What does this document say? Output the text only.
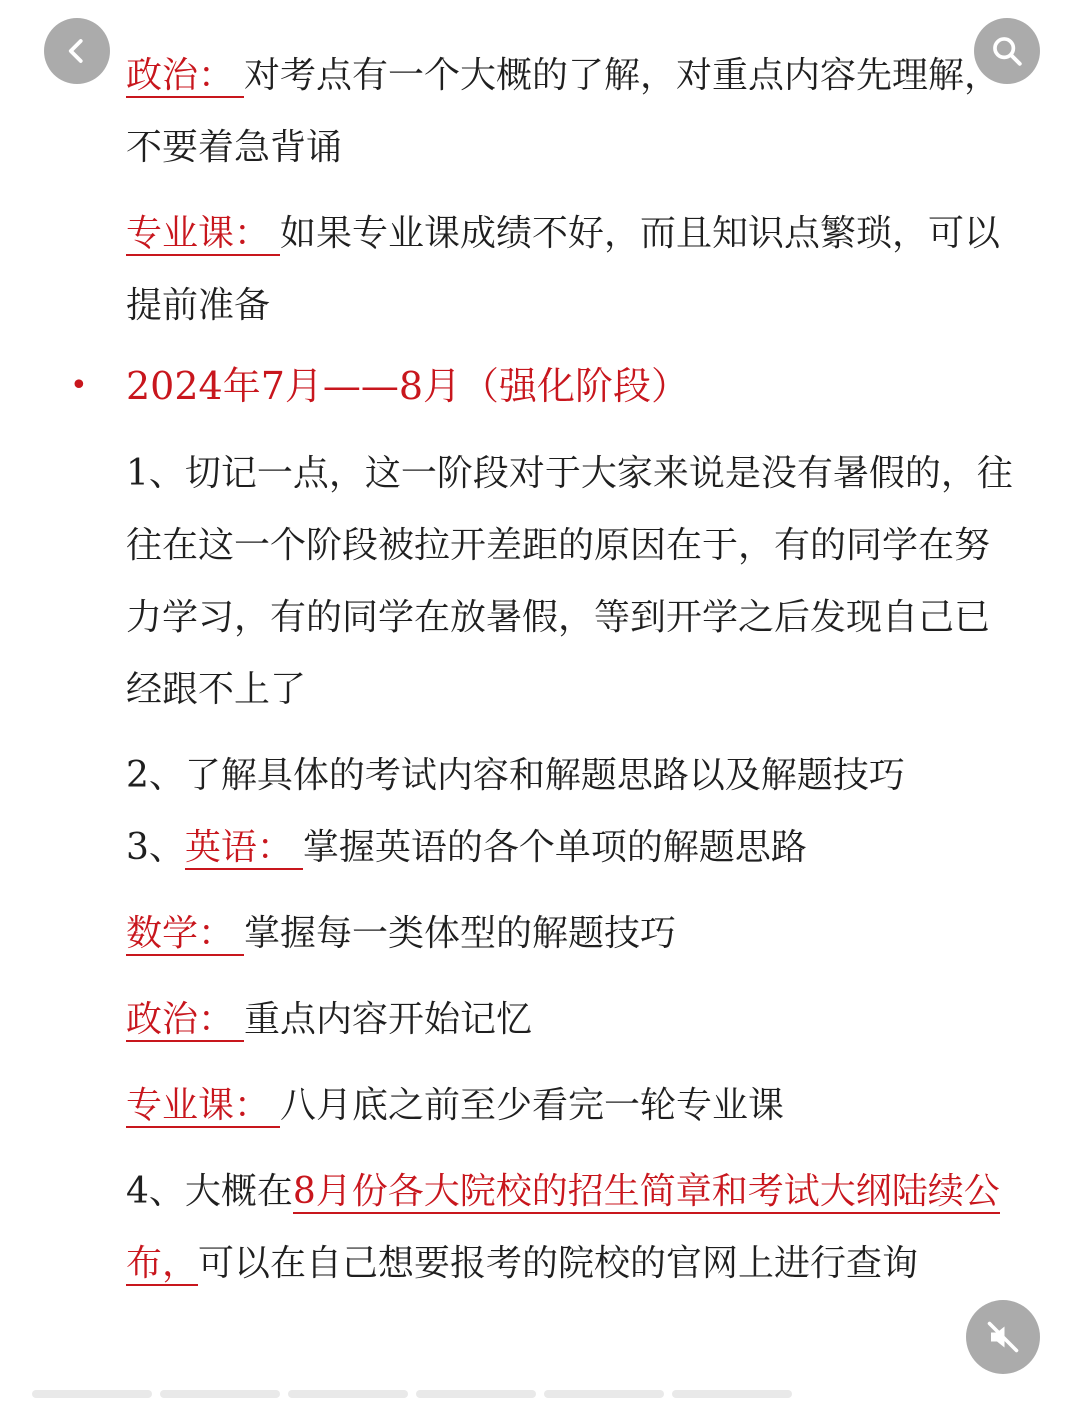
政治： 对考点有一个大概的了解，对重点内容先理解，不要着急背诵

专业课： 如果专业课成绩不好，而且知识点繁琐，可以提前准备

• 2024年7月——8月（强化阶段）

1、切记一点，这一阶段对于大家来说是没有暑假的，往往在这一个阶段被拉开差距的原因在于，有的同学在努力学习，有的同学在放暑假，等到开学之后发现自己已经跟不上了

2、了解具体的考试内容和解题思路以及解题技巧

3、英语： 掌握英语的各个单项的解题思路

数学： 掌握每一类体型的解题技巧

政治： 重点内容开始记忆

专业课： 八月底之前至少看完一轮专业课

4、大概在8月份各大院校的招生简章和考试大纲陆续公布，可以在自己想要报考的院校的官网上进行查询
